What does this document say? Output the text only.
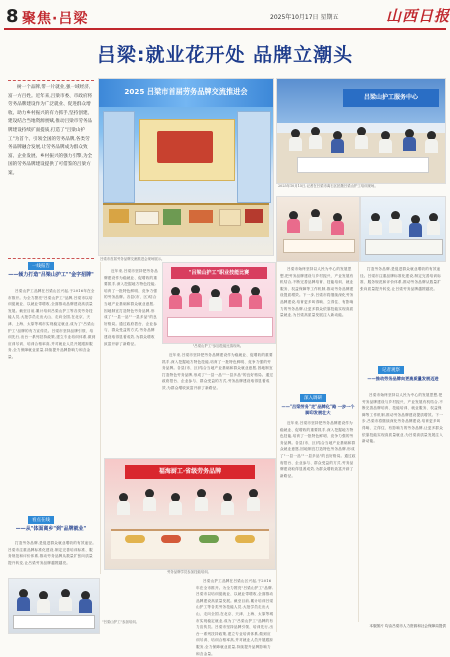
8 聚焦·吕梁	2025年10月17日 星期五	山西日报
吕梁:就业花开处 品牌立潮头
树一个品牌,带一片就业,强一域经济,富一方百姓。近年来,吕梁市委、市政府将劳务品牌建设作为广泛就业、促进群众增收、助力乡村振兴的有力抓手,坚持创建、建设结合当地资源禀赋,推动吕梁市劳务品牌建设持续扩面提质,打造了"吕梁山护工"为首个、引领全国的劳务品牌,各类劳务品牌融合发展,让劳务品牌成为群众致富、企业发展、乡村振兴的强力引擎,为全国的劳务品牌建设提供了可借鉴的吕梁方案。
2025 吕梁市首届劳务品牌交流推进会
吕梁市首届劳务品牌交流推进会现场展示。
吕梁山护工服务中心
2025年10月15日,记者在吕梁市离石区拍摄吕梁山护工培训现场。
"吕梁山护工"职业技能比赛
"吕梁山护工"参加技能比赛现场。
福海厨工·省级劳务品牌
劳务品牌学员参加技能培训。
"吕梁山护工"参加培训。
一线报告
——倾力打造"吕梁山护工""金字招牌"
吕梁山护工品牌在吕梁山区兴起,于2016年在全市推开。为全力擦亮"吕梁山护工"品牌,吕梁市以培训促就业、以就业带增收,全面推动品牌建设高质量发展。截至目前,累计培训吕梁山护工等各类劳务技能人员,大批学员走出大山、走向全国,在北京、天津、上海、太原等城市实现稳定就业,成为了"吕梁山护工"品牌的有力宣传员。吕梁市坚持品牌引领、培训先行,出台一系列扶持政策,建立专业培训体系,做到应训尽训、培训合格率高,并对就业人员开展跟踪服务,全力保障就业质量,持续提升品牌影响力和含金量。
看点在线
——从"体面离乡"到"品牌就业"
打造劳务品牌,是促进群众就业增收的有效途径。吕梁市注重品牌标准化建设,制定完善培训标准、服务规范和评价体系,推动劳务品牌从数量扩张向质量提升转变,让吕梁劳务品牌越擦越亮。
近年来,吕梁市坚持把劳务品牌建设作为稳就业、促增收的重要抓手,深入挖掘地方特色技能,培育了一批特色鲜明、竞争力强的劳务品牌。各县(市、区)结合当地产业基础和群众就业意愿,因地制宜打造特色劳务品牌,形成了"一县一品""一县多品"的良好格局。通过政府搭台、企业参与、群众受益的方式,劳务品牌建设取得显著成效,为群众增收致富开辟了新路径。
近年来,吕梁市坚持把劳务品牌建设作为稳就业、促增收的重要抓手,深入挖掘地方特色技能,培育了一批特色鲜明、竞争力强的劳务品牌。各县(市、区)结合当地产业基础和群众就业意愿,因地制宜打造特色劳务品牌,形成了"一县一品""一县多品"的良好格局。通过政府搭台、企业参与、群众受益的方式,劳务品牌建设取得显著成效,为群众增收致富开辟了新路径。
深入调研
——"吕梁劳务"走"品牌化"路 一步一个脚印发展壮大
吕梁市始终坚持以人民为中心的发展思想,把劳务品牌建设与乡村振兴、产业发展有机结合,不断完善品牌培育、技能培训、就业服务、权益保障等工作机制,推动劳务品牌建设提质增效。下一步,吕梁市将继续深化劳务品牌建设,培育更多叫得响、立得住、有影响力的劳务品牌,让更多群众依靠技能实现高质量就业,为吕梁高质量发展注入新动能。
打造劳务品牌,是促进群众就业增收的有效途径。吕梁市注重品牌标准化建设,制定完善培训标准、服务规范和评价体系,推动劳务品牌从数量扩张向质量提升转变,让吕梁劳务品牌越擦越亮。
记者观察
——推动劳务品牌向更高质量发展迈进
吕梁市始终坚持以人民为中心的发展思想,把劳务品牌建设与乡村振兴、产业发展有机结合,不断完善品牌培育、技能培训、就业服务、权益保障等工作机制,推动劳务品牌建设提质增效。下一步,吕梁市将继续深化劳务品牌建设,培育更多叫得响、立得住、有影响力的劳务品牌,让更多群众依靠技能实现高质量就业,为吕梁高质量发展注入新动能。
近年来,吕梁市坚持把劳务品牌建设作为稳就业、促增收的重要抓手,深入挖掘地方特色技能,培育了一批特色鲜明、竞争力强的劳务品牌。各县(市、区)结合当地产业基础和群众就业意愿,因地制宜打造特色劳务品牌,形成了"一县一品""一县多品"的良好格局。通过政府搭台、企业参与、群众受益的方式,劳务品牌建设取得显著成效,为群众增收致富开辟了新路径。
吕梁山护工品牌在吕梁山区兴起,于2016年在全市推开。为全力擦亮"吕梁山护工"品牌,吕梁市以培训促就业、以就业带增收,全面推动品牌建设高质量发展。截至目前,累计培训吕梁山护工等各类劳务技能人员,大批学员走出大山、走向全国,在北京、天津、上海、太原等城市实现稳定就业,成为了"吕梁山护工"品牌的有力宣传员。吕梁市坚持品牌引领、培训先行,出台一系列扶持政策,建立专业培训体系,做到应训尽训、培训合格率高,并对就业人员开展跟踪服务,全力保障就业质量,持续提升品牌影响力和含金量。
本版图片 均由吕梁市人力资源和社会保障局提供
